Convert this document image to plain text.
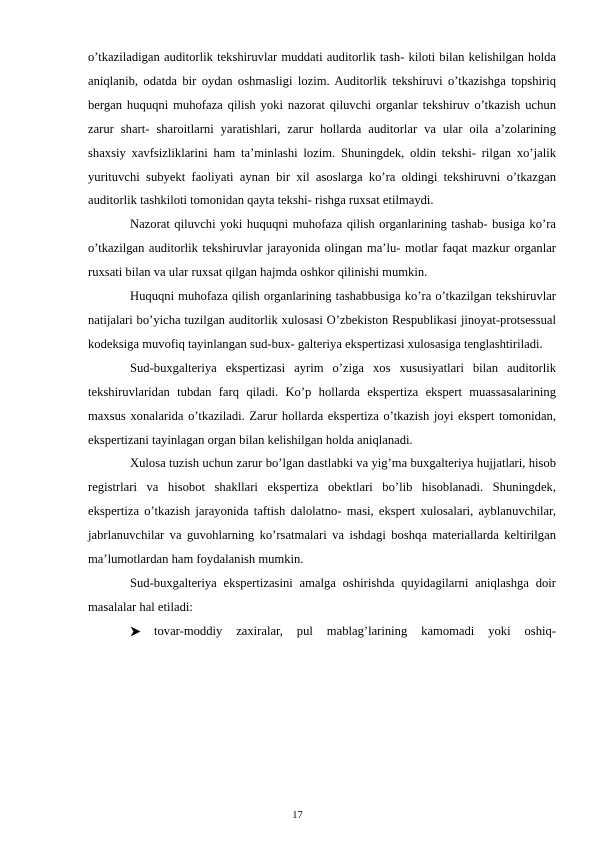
o’tkaziladigan auditorlik tekshiruvlar muddati auditorlik tash- kiloti bilan kelishilgan holda aniqlanib, odatda bir oydan oshmasligi lozim. Auditorlik tekshiruvi o’tkazishga topshiriq bergan huquqni muhofaza qilish yoki nazorat qiluvchi organlar tekshiruv o’tkazish uchun zarur shart- sharoitlarni yaratishlari, zarur hollarda auditorlar va ular oila a’zolarining shaxsiy xavfsizliklarini ham ta’minlashi lozim. Shuningdek, oldin tekshi- rilgan xo’jalik yurituvchi subyekt faoliyati aynan bir xil asoslarga ko’ra oldingi tekshiruvni o’tkazgan auditorlik tashkiloti tomonidan qayta tekshi- rishga ruxsat etilmaydi.

Nazorat qiluvchi yoki huquqni muhofaza qilish organlarining tashab- busiga ko’ra o’tkazilgan auditorlik tekshiruvlar jarayonida olingan ma’lu- motlar faqat mazkur organlar ruxsati bilan va ular ruxsat qilgan hajmda oshkor qilinishi mumkin.

Huquqni muhofaza qilish organlarining tashabbusiga ko’ra o’tkazilgan tekshiruvlar natijalari bo’yicha tuzilgan auditorlik xulosasi O’zbekiston Respublikasi jinoyat-protsessual kodeksiga muvofiq tayinlangan sud-bux- galteriya ekspertizasi xulosasiga tenglashtiriladi.

Sud-buxgalteriya ekspertizasi ayrim o’ziga xos xususiyatlari bilan auditorlik tekshiruvlaridan tubdan farq qiladi. Ko’p hollarda ekspertiza ekspert muassasalarining maxsus xonalarida o’tkaziladi. Zarur hollarda ekspertiza o’tkazish joyi ekspert tomonidan, ekspertizani tayinlagan organ bilan kelishilgan holda aniqlanadi.

Xulosa tuzish uchun zarur bo’lgan dastlabki va yig’ma buxgalteriya hujjatlari, hisob registrlari va hisobot shakllari ekspertiza obektlari bo’lib hisoblanadi. Shuningdek, ekspertiza o’tkazish jarayonida taftish dalolatno- masi, ekspert xulosalari, ayblanuvchilar, jabrlanuvchilar va guvohlarning ko’rsatmalari va ishdagi boshqa materiallarda keltirilgan ma’lumotlardan ham foydalanish mumkin.

Sud-buxgalteriya ekspertizasini amalga oshirishda quyidagilarni aniqlashga doir masalalar hal etiladi:

tovar-moddiy zaxiralar, pul mablag’larining kamomadi yoki oshiq-

17
